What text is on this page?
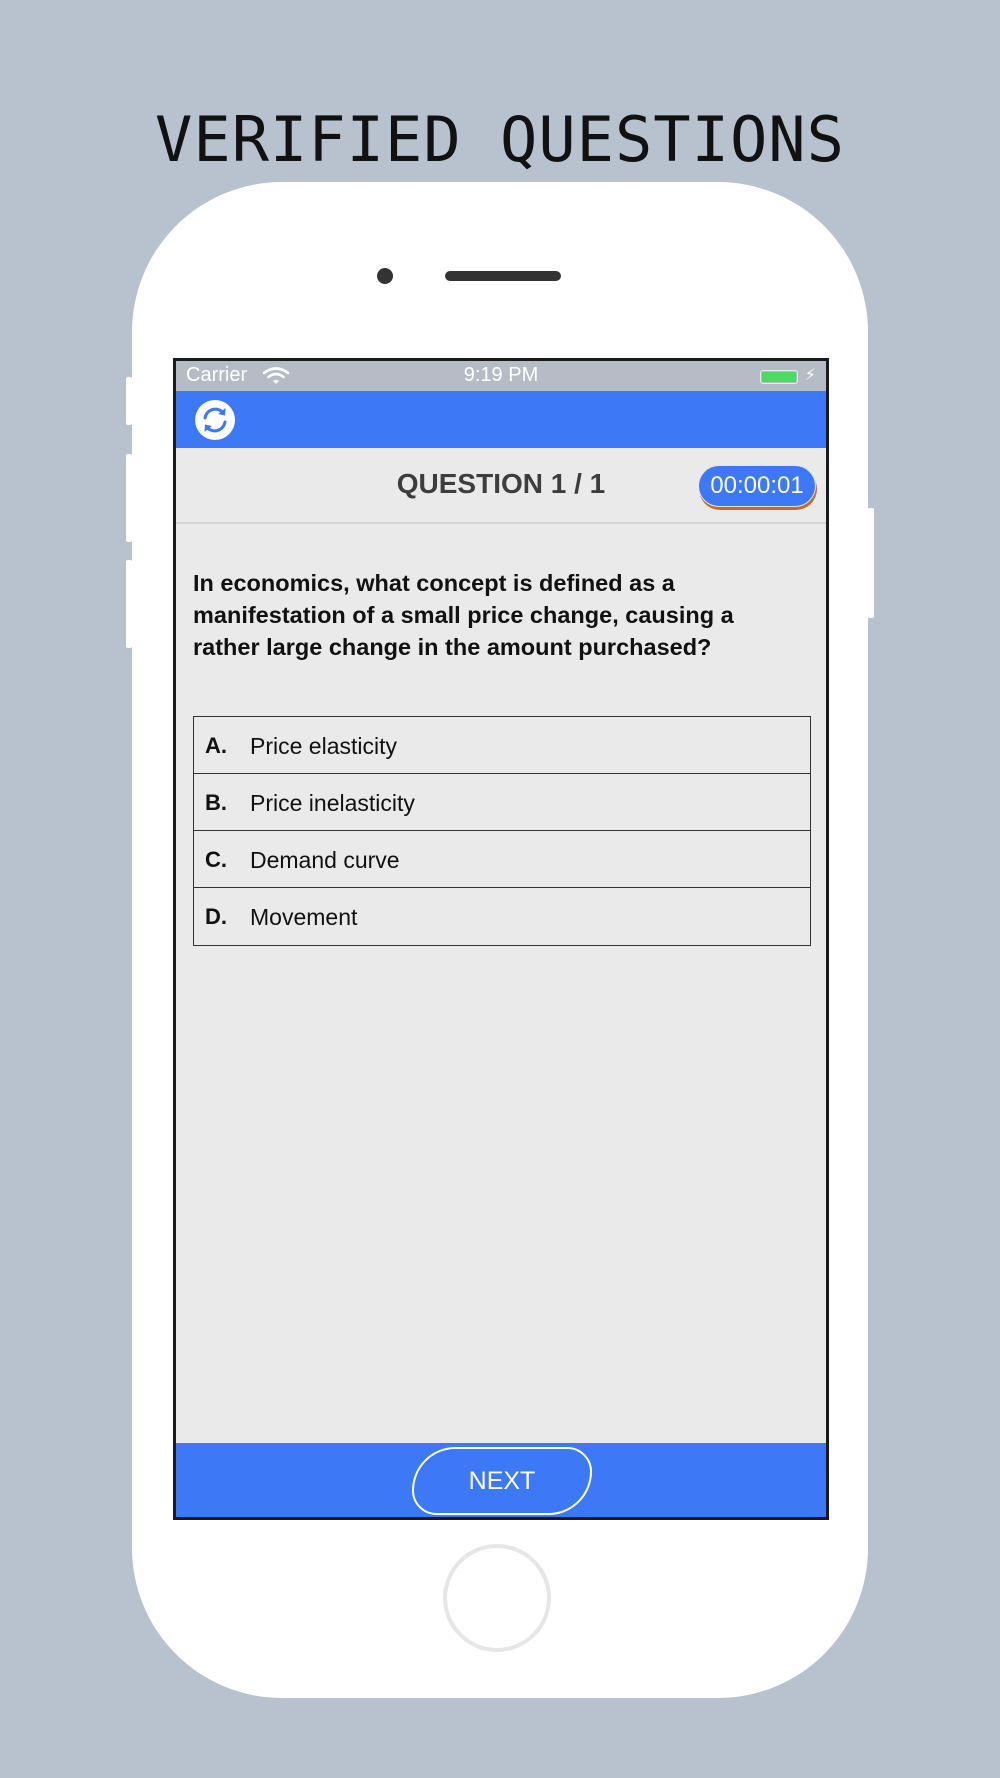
VERIFIED QUESTIONS
Carrier	9:19 PM	⚡
QUESTION 1 / 1	00:00:01
In economics, what concept is defined as a manifestation of a small price change, causing a rather large change in the amount purchased?
A. Price elasticity
B. Price inelasticity
C. Demand curve
D. Movement
NEXT
